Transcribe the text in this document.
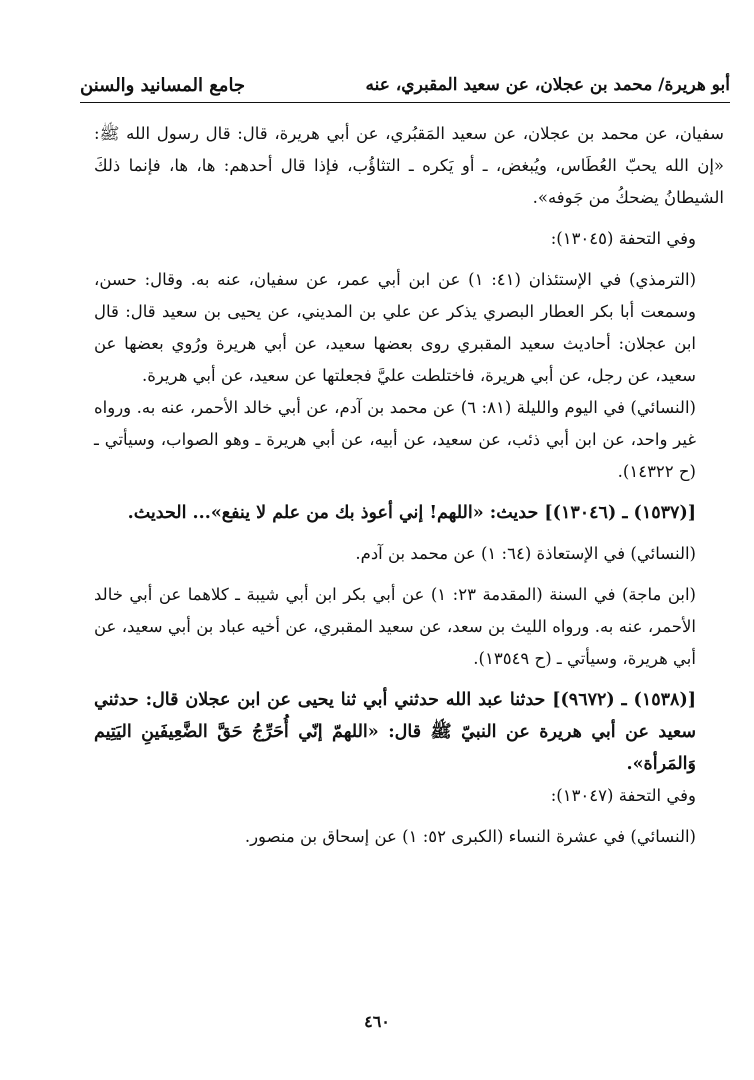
أبو هريرة/ محمد بن عجلان، عن سعيد المقبري، عنه
جامع المسانيد والسنن

سفيان، عن محمد بن عجلان، عن سعيد المَقبُري، عن أبي هريرة، قال: قال رسول الله ﷺ: «إن الله يحبّ العُطَاس، ويُبغض، ـ أو يَكره ـ التثاؤُب، فإذا قال أحدهم: ها، ها، فإنما ذلكَ الشيطانُ يضحكُ من جَوفه».

وفي التحفة (١٣٠٤٥):

(الترمذي) في الإستئذان (٤١: ١) عن ابن أبي عمر، عن سفيان، عنه به. وقال: حسن، وسمعت أبا بكر العطار البصري يذكر عن علي بن المديني، عن يحيى بن سعيد قال: قال ابن عجلان: أحاديث سعيد المقبري روى بعضها سعيد، عن أبي هريرة ورُوي بعضها عن سعيد، عن رجل، عن أبي هريرة، فاختلطت عليَّ فجعلتها عن سعيد، عن أبي هريرة.

(النسائي) في اليوم والليلة (٨١: ٦) عن محمد بن آدم، عن أبي خالد الأحمر، عنه به. ورواه غير واحد، عن ابن أبي ذئب، عن سعيد، عن أبيه، عن أبي هريرة ـ وهو الصواب، وسيأتي ـ (ح ١٤٣٢٢).

[(١٥٣٧) ـ (١٣٠٤٦)] حديث: «اللهم! إني أعوذ بك من علم لا ينفع»... الحديث.

(النسائي) في الإستعاذة (٦٤: ١) عن محمد بن آدم.

(ابن ماجة) في السنة (المقدمة ٢٣: ١) عن أبي بكر ابن أبي شيبة ـ كلاهما عن أبي خالد الأحمر، عنه به. ورواه الليث بن سعد، عن سعيد المقبري، عن أخيه عباد بن أبي سعيد، عن أبي هريرة، وسيأتي ـ (ح ١٣٥٤٩).

[(١٥٣٨) ـ (٩٦٧٢)] حدثنا عبد الله حدثني أبي ثنا يحيى عن ابن عجلان قال: حدثني سعيد عن أبي هريرة عن النبيّ ﷺ قال: «اللهمّ إنّي أُحَرِّجُ حَقَّ الضَّعِيفَينِ اليَتِيم وَالمَرأة».

وفي التحفة (١٣٠٤٧):

(النسائي) في عشرة النساء (الكبرى ٥٢: ١) عن إسحاق بن منصور.

٤٦٠
